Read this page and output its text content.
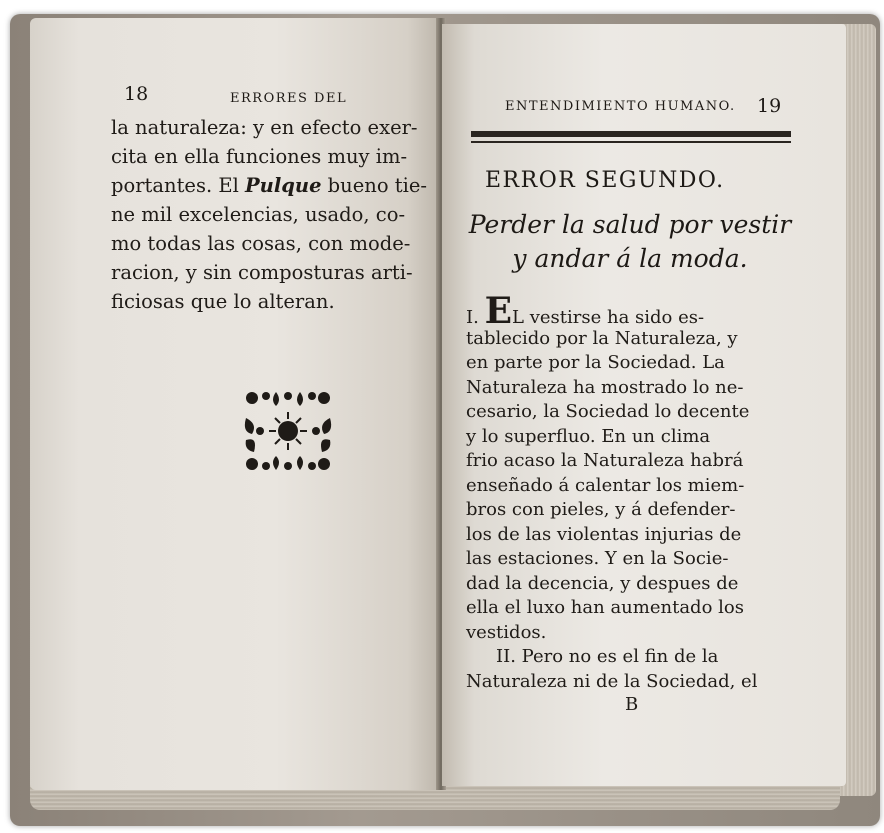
18	ERRORES DEL
la naturaleza: y en efecto exer-
cita en ella funciones muy im-
portantes. El Pulque bueno tie-
ne mil excelencias, usado, co-
mo todas las cosas, con mode-
racion, y sin composturas arti-
ficiosas que lo alteran.
ENTENDIMIENTO HUMANO. 19
ERROR SEGUNDO.
Perder la salud por vestir
y andar á la moda.
I. EL vestirse ha sido es-
tablecido por la Naturaleza, y
en parte por la Sociedad. La
Naturaleza ha mostrado lo ne-
cesario, la Sociedad lo decente
y lo superfluo. En un clima
frio acaso la Naturaleza habrá
enseñado á calentar los miem-
bros con pieles, y á defender-
los de las violentas injurias de
las estaciones. Y en la Socie-
dad la decencia, y despues de
ella el luxo han aumentado los
vestidos.
II. Pero no es el fin de la
Naturaleza ni de la Sociedad, el
B
